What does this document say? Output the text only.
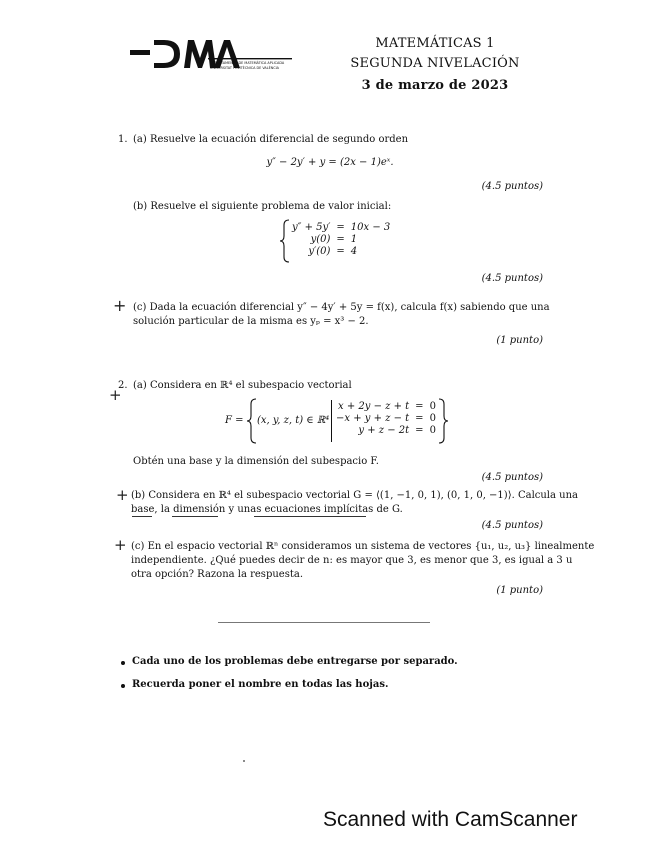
DEPARTAMENTO DE MATEMÁTICA APLICADA
UNIVERSITAT POLITÈCNICA DE VALÈNCIA
MATEMÁTICAS 1
SEGUNDA NIVELACIÓN
3 de marzo de 2023
1. (a) Resuelve la ecuación diferencial de segundo orden
y″ − 2y′ + y = (2x − 1)eˣ.
(4.5 puntos)
(b) Resuelve el siguiente problema de valor inicial:
y″ + 5y′	=	10x − 3
y(0)	=	1
y′(0)	=	4
(4.5 puntos)
+ (c) Dada la ecuación diferencial y″ − 4y′ + 5y = f(x), calcula f(x) sabiendo que una
solución particular de la misma es yₚ = x³ − 2.
(1 punto)
2.
+
(a) Considera en ℝ⁴ el subespacio vectorial
F = (x, y, z, t) ∈ ℝ⁴
x + 2y − z + t	=	0
−x + y + z − t	=	0
y + z − 2t	=	0
Obtén una base y la dimensión del subespacio F.
(4.5 puntos)
+ (b) Considera en ℝ⁴ el subespacio vectorial G = ⟨(1, −1, 0, 1), (0, 1, 0, −1)⟩. Calcula una
base, la dimensión y unas ecuaciones implícitas de G.
(4.5 puntos)
+ (c) En el espacio vectorial ℝⁿ consideramos un sistema de vectores {u₁, u₂, u₃} linealmente
independiente. ¿Qué puedes decir de n: es mayor que 3, es menor que 3, es igual a 3 u
otra opción? Razona la respuesta.
(1 punto)
Cada uno de los problemas debe entregarse por separado.
Recuerda poner el nombre en todas las hojas.
Scanned with CamScanner
